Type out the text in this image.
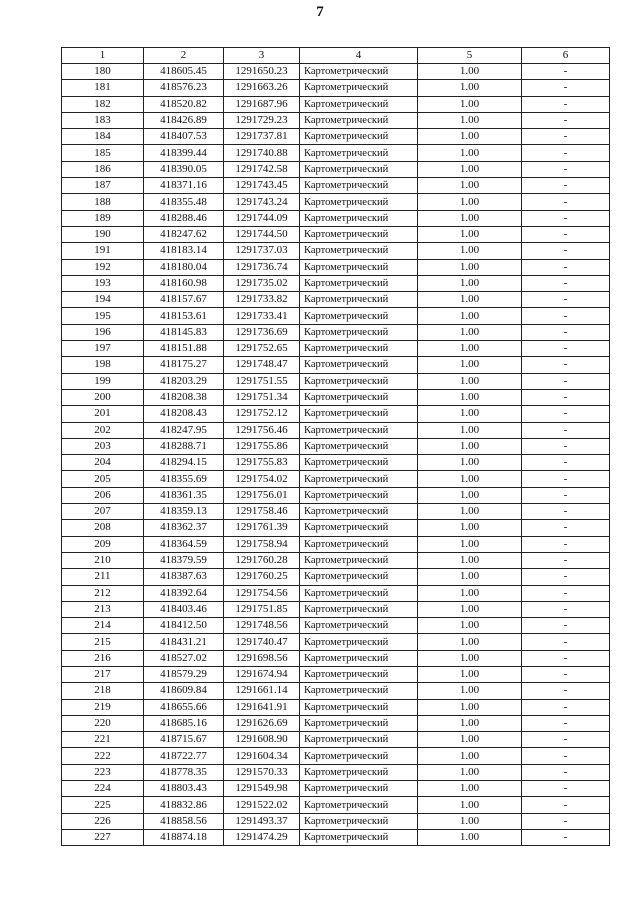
7
1	2	3	4	5	6
180	418605.45	1291650.23	Картометрический	1.00	-
181	418576.23	1291663.26	Картометрический	1.00	-
182	418520.82	1291687.96	Картометрический	1.00	-
183	418426.89	1291729.23	Картометрический	1.00	-
184	418407.53	1291737.81	Картометрический	1.00	-
185	418399.44	1291740.88	Картометрический	1.00	-
186	418390.05	1291742.58	Картометрический	1.00	-
187	418371.16	1291743.45	Картометрический	1.00	-
188	418355.48	1291743.24	Картометрический	1.00	-
189	418288.46	1291744.09	Картометрический	1.00	-
190	418247.62	1291744.50	Картометрический	1.00	-
191	418183.14	1291737.03	Картометрический	1.00	-
192	418180.04	1291736.74	Картометрический	1.00	-
193	418160.98	1291735.02	Картометрический	1.00	-
194	418157.67	1291733.82	Картометрический	1.00	-
195	418153.61	1291733.41	Картометрический	1.00	-
196	418145.83	1291736.69	Картометрический	1.00	-
197	418151.88	1291752.65	Картометрический	1.00	-
198	418175.27	1291748.47	Картометрический	1.00	-
199	418203.29	1291751.55	Картометрический	1.00	-
200	418208.38	1291751.34	Картометрический	1.00	-
201	418208.43	1291752.12	Картометрический	1.00	-
202	418247.95	1291756.46	Картометрический	1.00	-
203	418288.71	1291755.86	Картометрический	1.00	-
204	418294.15	1291755.83	Картометрический	1.00	-
205	418355.69	1291754.02	Картометрический	1.00	-
206	418361.35	1291756.01	Картометрический	1.00	-
207	418359.13	1291758.46	Картометрический	1.00	-
208	418362.37	1291761.39	Картометрический	1.00	-
209	418364.59	1291758.94	Картометрический	1.00	-
210	418379.59	1291760.28	Картометрический	1.00	-
211	418387.63	1291760.25	Картометрический	1.00	-
212	418392.64	1291754.56	Картометрический	1.00	-
213	418403.46	1291751.85	Картометрический	1.00	-
214	418412.50	1291748.56	Картометрический	1.00	-
215	418431.21	1291740.47	Картометрический	1.00	-
216	418527.02	1291698.56	Картометрический	1.00	-
217	418579.29	1291674.94	Картометрический	1.00	-
218	418609.84	1291661.14	Картометрический	1.00	-
219	418655.66	1291641.91	Картометрический	1.00	-
220	418685.16	1291626.69	Картометрический	1.00	-
221	418715.67	1291608.90	Картометрический	1.00	-
222	418722.77	1291604.34	Картометрический	1.00	-
223	418778.35	1291570.33	Картометрический	1.00	-
224	418803.43	1291549.98	Картометрический	1.00	-
225	418832.86	1291522.02	Картометрический	1.00	-
226	418858.56	1291493.37	Картометрический	1.00	-
227	418874.18	1291474.29	Картометрический	1.00	-
